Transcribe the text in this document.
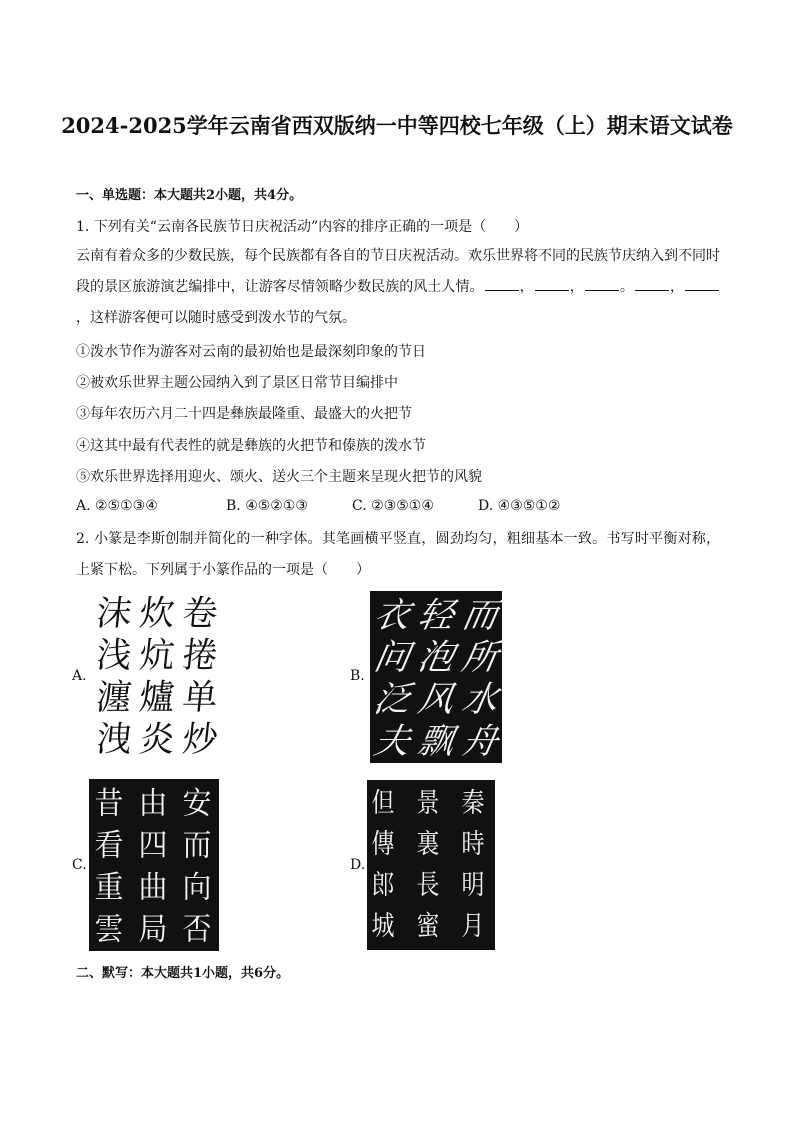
2024-2025学年云南省西双版纳一中等四校七年级（上）期末语文试卷
一、单选题：本大题共2小题，共4分。
1. 下列有关“云南各民族节日庆祝活动”内容的排序正确的一项是（　　）
云南有着众多的少数民族，每个民族都有各自的节日庆祝活动。欢乐世界将不同的民族节庆纳入到不同时段的景区旅游演艺编排中，让游客尽情领略少数民族的风土人情。	，	，	。	，，这样游客便可以随时感受到泼水节的气氛。
①泼水节作为游客对云南的最初始也是最深刻印象的节日
②被欢乐世界主题公园纳入到了景区日常节目编排中
③每年农历六月二十四是彝族最隆重、最盛大的火把节
④这其中最有代表性的就是彝族的火把节和傣族的泼水节
⑤欢乐世界选择用迎火、颂火、送火三个主题来呈现火把节的风貌
A. ②⑤①③④	B. ④⑤②①③	C. ②③⑤①④	D. ④③⑤①②
2. 小篆是李斯创制并简化的一种字体。其笔画横平竖直，圆劲均匀，粗细基本一致。书写时平衡对称，上紧下松。下列属于小篆作品的一项是（　　）
A.
沫 炊 卷
浅 炕 捲
瀍 爐 单
洩 炎 炒
B.
衣 轻 而
问 泡 所
泛 风 水
夫 飘 舟
C.
昔 由 安
看 四 而
重 曲 向
雲 局 否
D.
但 景 秦
傳 裏 時
郎 長 明
城 蜜 月
二、默写：本大题共1小题，共6分。
